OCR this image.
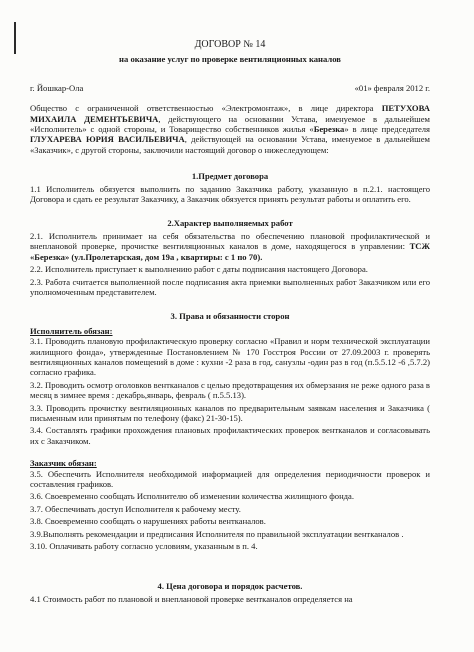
ДОГОВОР № 14
на оказание услуг по проверке вентиляционных каналов
г. Йошкар-Ола	«01» февраля 2012 г.

Общество с ограниченной ответственностью «Электромонтаж», в лице директора ПЕТУХОВА МИХАИЛА ДЕМЕНТЬЕВИЧА, действующего на основании Устава, именуемое в дальнейшем «Исполнитель» с одной стороны, и Товарищество собственников жилья «Березка» в лице председателя ГЛУХАРЕВА ЮРИЯ ВАСИЛЬЕВИЧА, действующей на основании Устава, именуемое в дальнейшем «Заказчик», с другой стороны, заключили настоящий договор о нижеследующем:

1.Предмет договора

1.1 Исполнитель обязуется выполнить по заданию Заказчика работу, указанную в п.2.1. настоящего Договора и сдать ее результат Заказчику, а Заказчик обязуется принять результат работы и оплатить его.

2.Характер выполняемых работ

2.1. Исполнитель принимает на себя обязательства по обеспечению плановой профилактической и внеплановой проверке, прочистке вентиляционных каналов в доме, находящегося в управлении: ТСЖ «Березка» (ул.Пролетарская, дом 19а , квартиры: с 1 по 70).

2.2. Исполнитель приступает к выполнению работ с даты подписания настоящего Договора.

2.3. Работа считается выполненной после подписания акта приемки выполненных работ Заказчиком или его уполномоченным представителем.

3. Права и обязанности сторон
Исполнитель обязан:

3.1. Проводить плановую профилактическую проверку согласно «Правил и норм технической эксплуатации жилищного фонда», утвержденные Постановлением № 170 Госстроя России от 27.09.2003 г. проверять вентиляционных каналов помещений в доме : кухни -2 раза в год, санузлы -один раз в год (п.5.5.12 -6 ,5.7.2) согласно графика.

3.2. Проводить осмотр оголовков вентканалов с целью предотвращения их обмерзания не реже одного раза в месяц в зимнее время : декабрь,январь, февраль ( п.5.5.13).

3.3. Проводить прочистку вентиляционных каналов по предварительным заявкам населения и Заказчика ( письменным или принятым по телефону (факс) 21-30-15).

3.4. Составлять графики прохождения плановых профилактических проверок вентканалов и согласовывать их с Заказчиком.

Заказчик обязан:

3.5. Обеспечить Исполнителя необходимой информацией для определения периодичности проверок и составления графиков.

3.6. Своевременно сообщать Исполнителю об изменении количества жилищного фонда.

3.7. Обеспечивать доступ Исполнителя к рабочему месту.

3.8. Своевременно сообщать о нарушениях работы вентканалов.

3.9.Выполнять рекомендации и предписания Исполнителя по правильной эксплуатации вентканалов .

3.10. Оплачивать работу согласно условиям, указанным в п. 4.

4. Цена договора и порядок расчетов.

4.1 Стоимость работ по плановой и внеплановой проверке вентканалов определяется на
